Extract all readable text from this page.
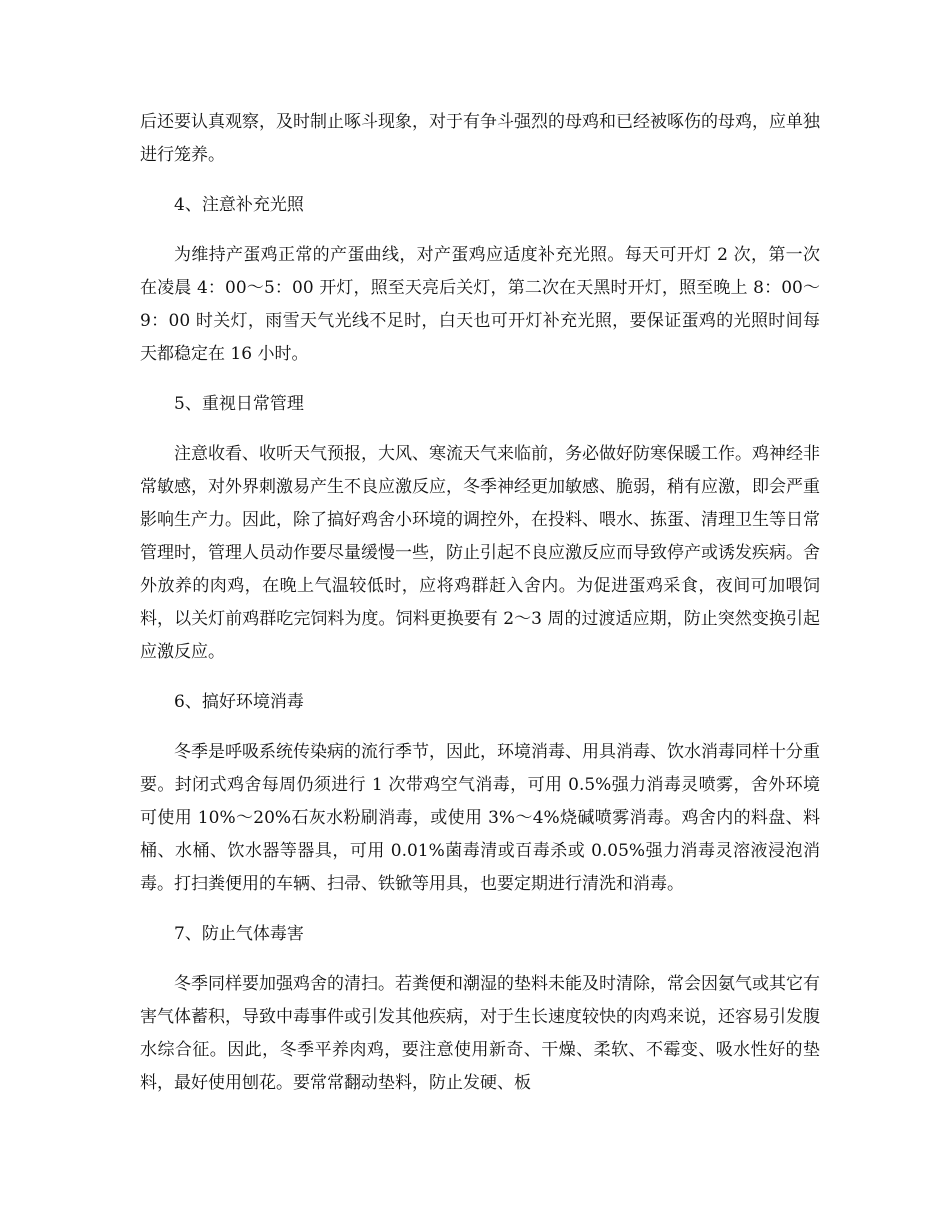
后还要认真观察，及时制止啄斗现象，对于有争斗强烈的母鸡和已经被啄伤的母鸡，应单独进行笼养。

4、注意补充光照

为维持产蛋鸡正常的产蛋曲线，对产蛋鸡应适度补充光照。每天可开灯 2 次，第一次在凌晨 4：00～5：00 开灯，照至天亮后关灯，第二次在天黑时开灯，照至晚上 8：00～9：00 时关灯，雨雪天气光线不足时，白天也可开灯补充光照，要保证蛋鸡的光照时间每天都稳定在 16 小时。

5、重视日常管理

注意收看、收听天气预报，大风、寒流天气来临前，务必做好防寒保暖工作。鸡神经非常敏感，对外界刺激易产生不良应激反应，冬季神经更加敏感、脆弱，稍有应激，即会严重影响生产力。因此，除了搞好鸡舍小环境的调控外，在投料、喂水、拣蛋、清理卫生等日常管理时，管理人员动作要尽量缓慢一些，防止引起不良应激反应而导致停产或诱发疾病。舍外放养的肉鸡，在晚上气温较低时，应将鸡群赶入舍内。为促进蛋鸡采食，夜间可加喂饲料，以关灯前鸡群吃完饲料为度。饲料更换要有 2～3 周的过渡适应期，防止突然变换引起应激反应。

6、搞好环境消毒

冬季是呼吸系统传染病的流行季节，因此，环境消毒、用具消毒、饮水消毒同样十分重要。封闭式鸡舍每周仍须进行 1 次带鸡空气消毒，可用 0.5%强力消毒灵喷雾，舍外环境可使用 10%～20%石灰水粉刷消毒，或使用 3%～4%烧碱喷雾消毒。鸡舍内的料盘、料桶、水桶、饮水器等器具，可用 0.01%菌毒清或百毒杀或 0.05%强力消毒灵溶液浸泡消毒。打扫粪便用的车辆、扫帚、铁锨等用具，也要定期进行清洗和消毒。

7、防止气体毒害

冬季同样要加强鸡舍的清扫。若粪便和潮湿的垫料未能及时清除，常会因氨气或其它有害气体蓄积，导致中毒事件或引发其他疾病，对于生长速度较快的肉鸡来说，还容易引发腹水综合征。因此，冬季平养肉鸡，要注意使用新奇、干燥、柔软、不霉变、吸水性好的垫料，最好使用刨花。要常常翻动垫料，防止发硬、板
